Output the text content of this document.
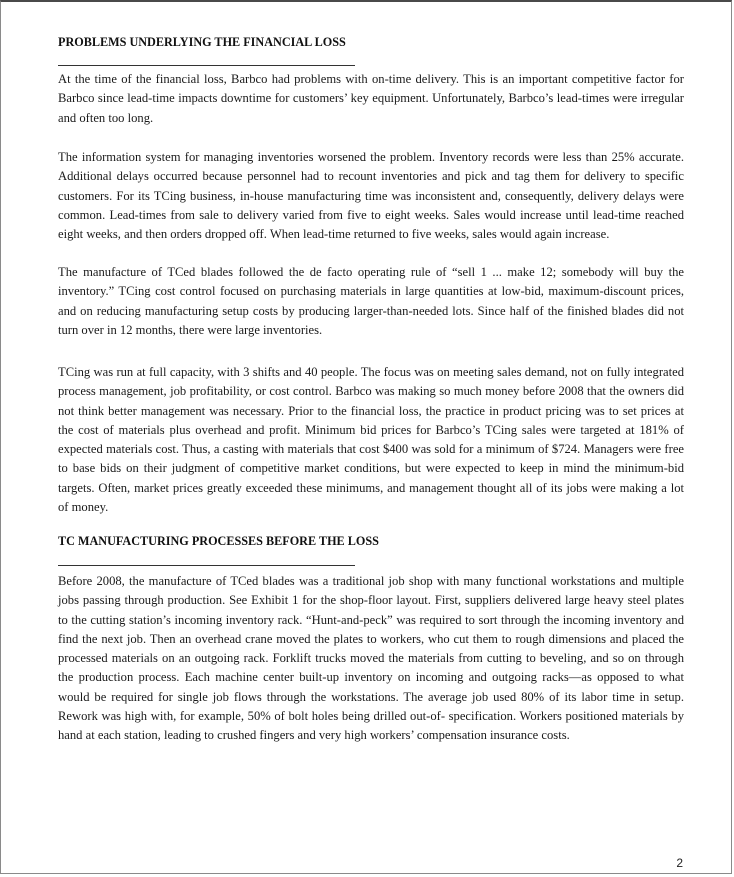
PROBLEMS UNDERLYING THE FINANCIAL LOSS
At the time of the financial loss, Barbco had problems with on-time delivery. This is an important competitive factor for Barbco since lead-time impacts downtime for customers’ key equipment. Unfortunately, Barbco’s lead-times were irregular and often too long.
The information system for managing inventories worsened the problem. Inventory records were less than 25% accurate. Additional delays occurred because personnel had to recount inventories and pick and tag them for delivery to specific customers. For its TCing business, in-house manufacturing time was inconsistent and, consequently, delivery delays were common. Lead-times from sale to delivery varied from five to eight weeks. Sales would increase until lead-time reached eight weeks, and then orders dropped off. When lead-time returned to five weeks, sales would again increase.
The manufacture of TCed blades followed the de facto operating rule of “sell 1 ... make 12; somebody will buy the inventory.” TCing cost control focused on purchasing materials in large quantities at low-bid, maximum-discount prices, and on reducing manufacturing setup costs by producing larger-than-needed lots. Since half of the finished blades did not turn over in 12 months, there were large inventories.
TCing was run at full capacity, with 3 shifts and 40 people. The focus was on meeting sales demand, not on fully integrated process management, job profitability, or cost control. Barbco was making so much money before 2008 that the owners did not think better management was necessary. Prior to the financial loss, the practice in product pricing was to set prices at the cost of materials plus overhead and profit. Minimum bid prices for Barbco’s TCing sales were targeted at 181% of expected materials cost. Thus, a casting with materials that cost $400 was sold for a minimum of $724. Managers were free to base bids on their judgment of competitive market conditions, but were expected to keep in mind the minimum-bid targets. Often, market prices greatly exceeded these minimums, and management thought all of its jobs were making a lot of money.
TC MANUFACTURING PROCESSES BEFORE THE LOSS
Before 2008, the manufacture of TCed blades was a traditional job shop with many functional workstations and multiple jobs passing through production. See Exhibit 1 for the shop-floor layout. First, suppliers delivered large heavy steel plates to the cutting station’s incoming inventory rack. “Hunt-and-peck” was required to sort through the incoming inventory and find the next job. Then an overhead crane moved the plates to workers, who cut them to rough dimensions and placed the processed materials on an outgoing rack. Forklift trucks moved the materials from cutting to beveling, and so on through the production process. Each machine center built-up inventory on incoming and outgoing racks—as opposed to what would be required for single job flows through the workstations. The average job used 80% of its labor time in setup. Rework was high with, for example, 50% of bolt holes being drilled out-of- specification. Workers positioned materials by hand at each station, leading to crushed fingers and very high workers’ compensation insurance costs.
2
